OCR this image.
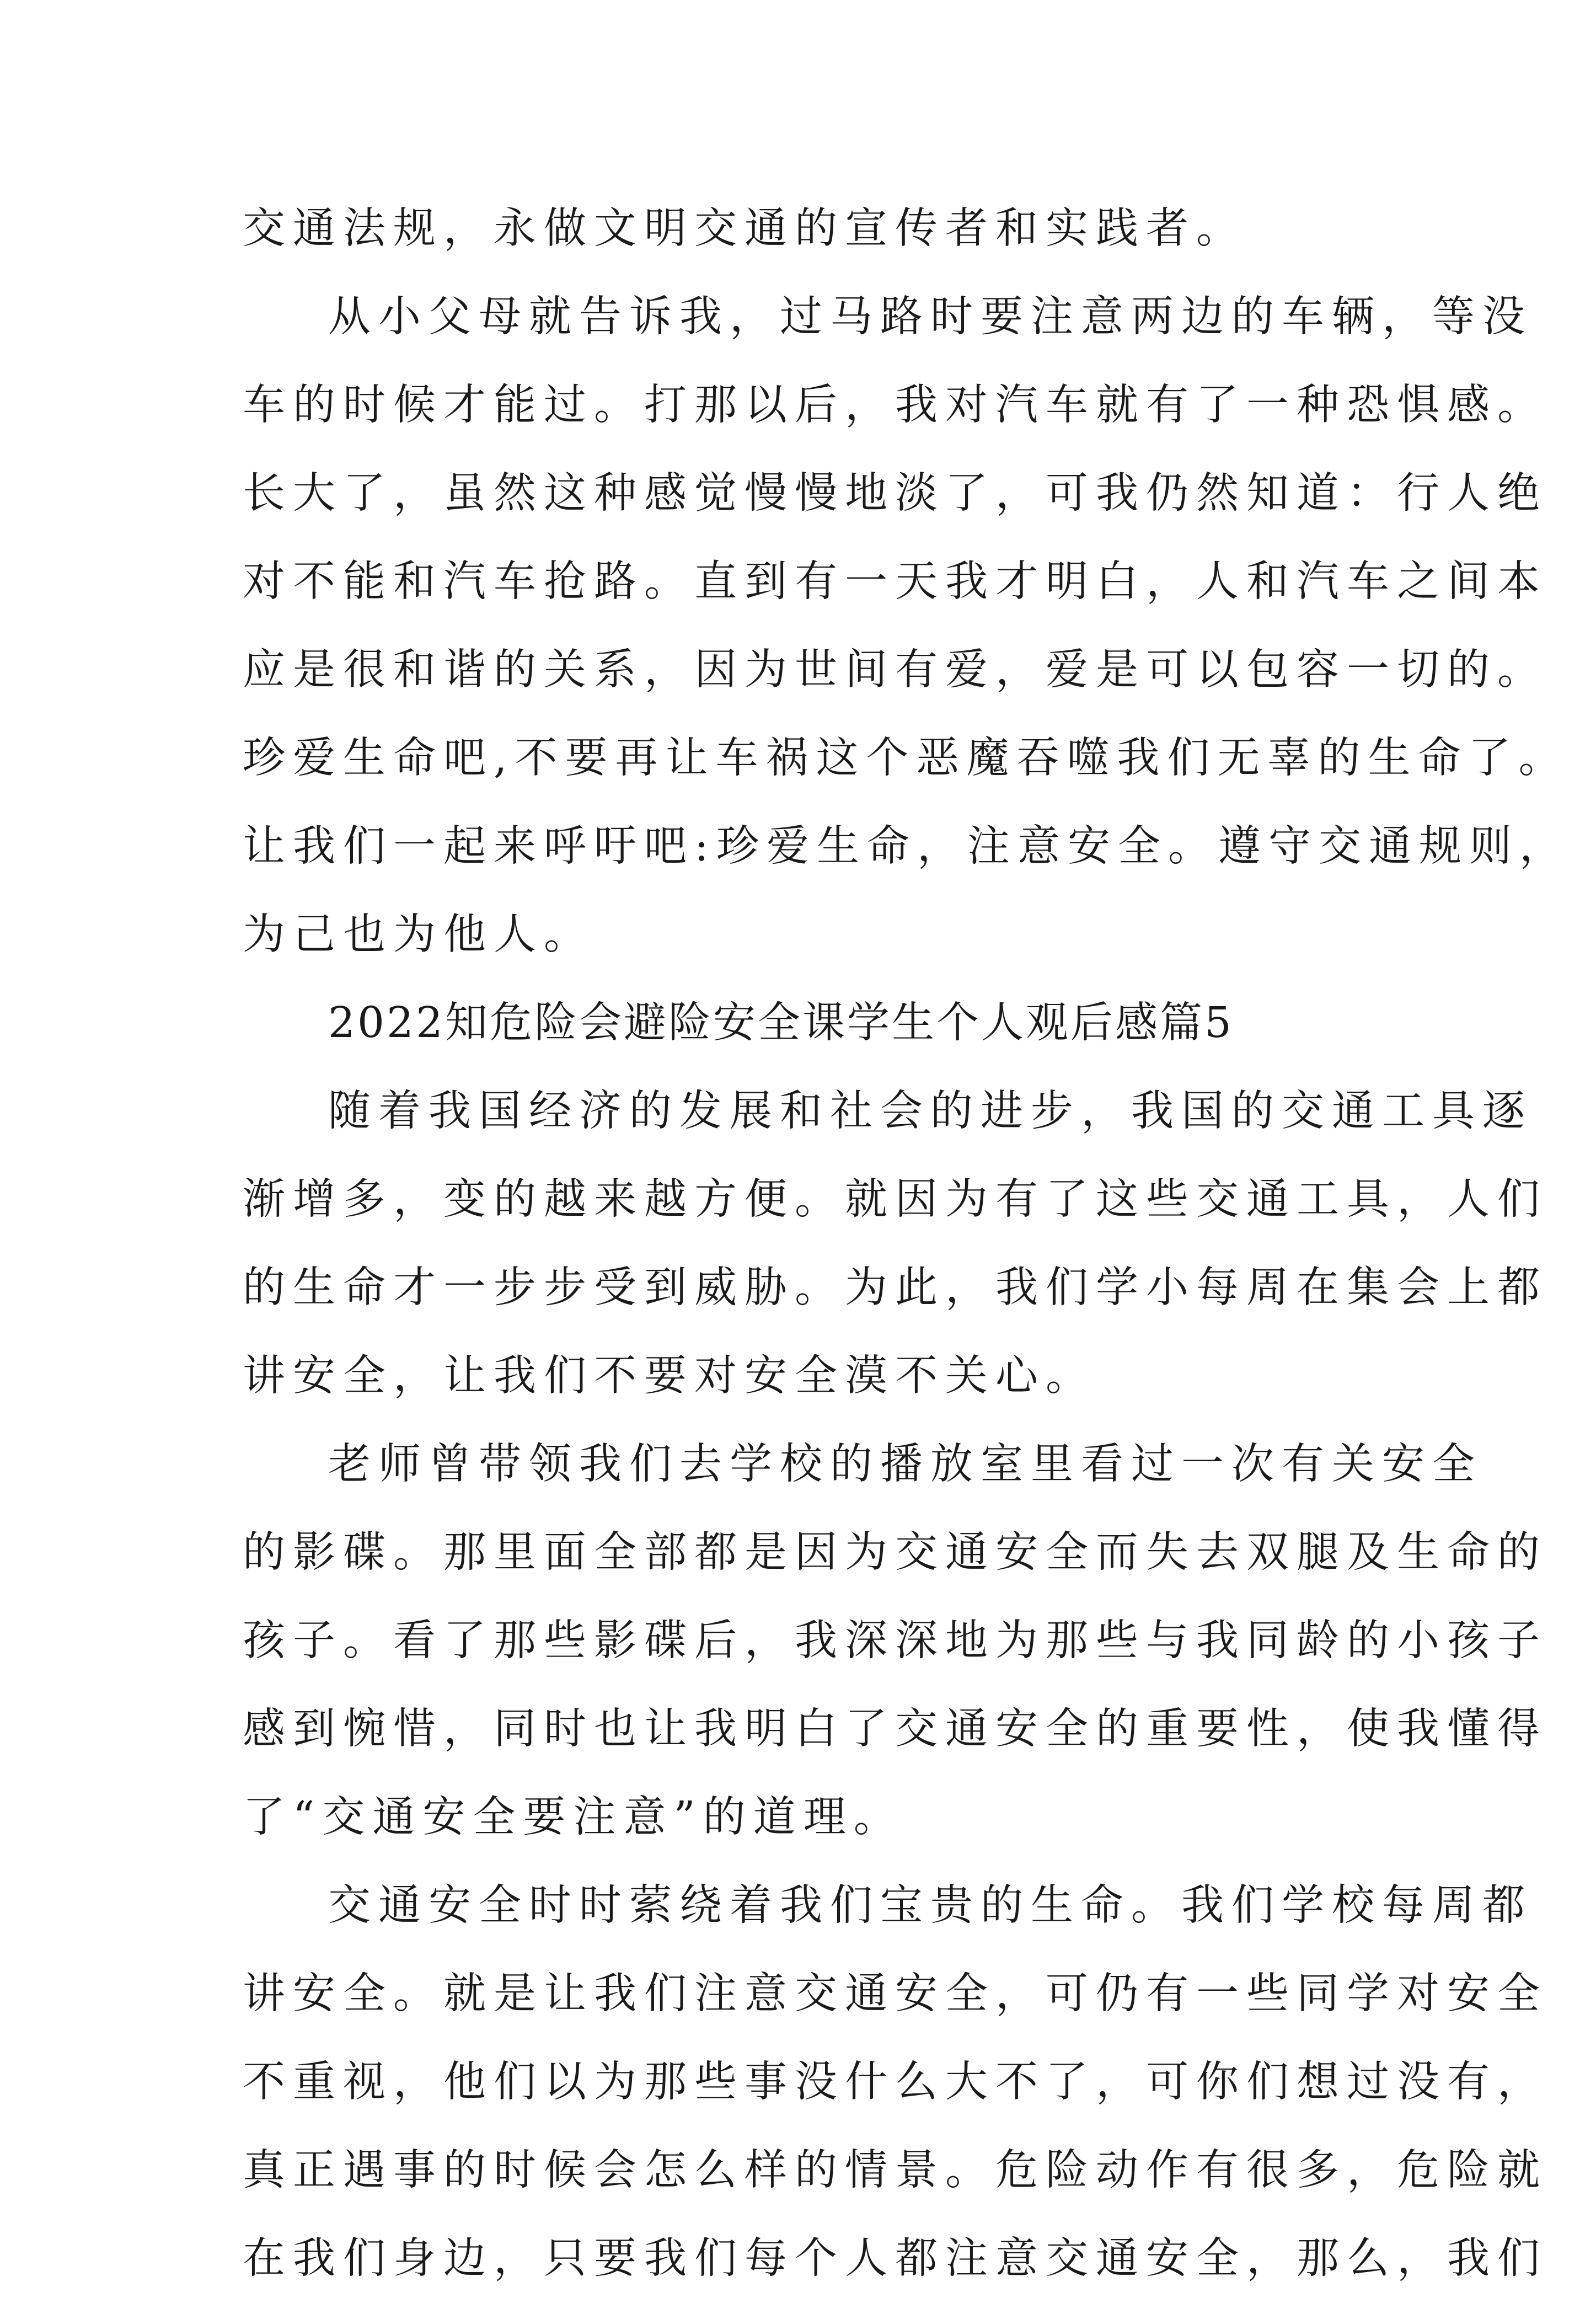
交通法规，永做文明交通的宣传者和实践者。
从小父母就告诉我，过马路时要注意两边的车辆，等没
车的时候才能过。打那以后，我对汽车就有了一种恐惧感。
长大了，虽然这种感觉慢慢地淡了，可我仍然知道：行人绝
对不能和汽车抢路。直到有一天我才明白，人和汽车之间本
应是很和谐的关系，因为世间有爱，爱是可以包容一切的。
珍爱生命吧,不要再让车祸这个恶魔吞噬我们无辜的生命了。
让我们一起来呼吁吧:珍爱生命，注意安全。遵守交通规则，
为己也为他人。
2022知危险会避险安全课学生个人观后感篇5
随着我国经济的发展和社会的进步，我国的交通工具逐
渐增多，变的越来越方便。就因为有了这些交通工具，人们
的生命才一步步受到威胁。为此，我们学小每周在集会上都
讲安全，让我们不要对安全漠不关心。
老师曾带领我们去学校的播放室里看过一次有关安全
的影碟。那里面全部都是因为交通安全而失去双腿及生命的
孩子。看了那些影碟后，我深深地为那些与我同龄的小孩子
感到惋惜，同时也让我明白了交通安全的重要性，使我懂得
了“交通安全要注意”的道理。
交通安全时时萦绕着我们宝贵的生命。我们学校每周都
讲安全。就是让我们注意交通安全，可仍有一些同学对安全
不重视，他们以为那些事没什么大不了，可你们想过没有，
真正遇事的时候会怎么样的情景。危险动作有很多，危险就
在我们身边，只要我们每个人都注意交通安全，那么，我们
